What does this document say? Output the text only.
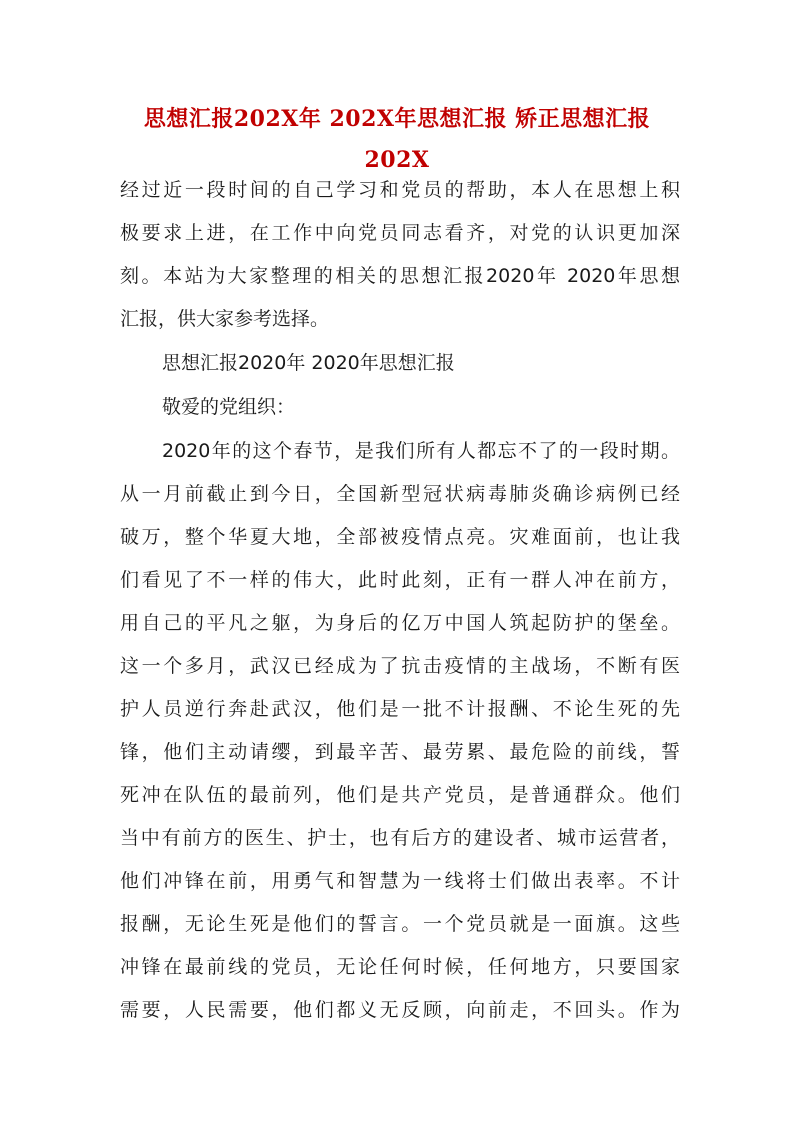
思想汇报202X年 202X年思想汇报 矫正思想汇报
202X
经过近一段时间的自己学习和党员的帮助，本人在思想上积
极要求上进，在工作中向党员同志看齐，对党的认识更加深
刻。本站为大家整理的相关的思想汇报2020年 2020年思想
汇报，供大家参考选择。
思想汇报2020年 2020年思想汇报
敬爱的党组织：
2020年的这个春节，是我们所有人都忘不了的一段时期。
从一月前截止到今日，全国新型冠状病毒肺炎确诊病例已经
破万，整个华夏大地，全部被疫情点亮。灾难面前，也让我
们看见了不一样的伟大，此时此刻，正有一群人冲在前方，
用自己的平凡之躯，为身后的亿万中国人筑起防护的堡垒。
这一个多月，武汉已经成为了抗击疫情的主战场，不断有医
护人员逆行奔赴武汉，他们是一批不计报酬、不论生死的先
锋，他们主动请缨，到最辛苦、最劳累、最危险的前线，誓
死冲在队伍的最前列，他们是共产党员，是普通群众。他们
当中有前方的医生、护士，也有后方的建设者、城市运营者，
他们冲锋在前，用勇气和智慧为一线将士们做出表率。不计
报酬，无论生死是他们的誓言。一个党员就是一面旗。这些
冲锋在最前线的党员，无论任何时候，任何地方，只要国家
需要，人民需要，他们都义无反顾，向前走，不回头。作为
